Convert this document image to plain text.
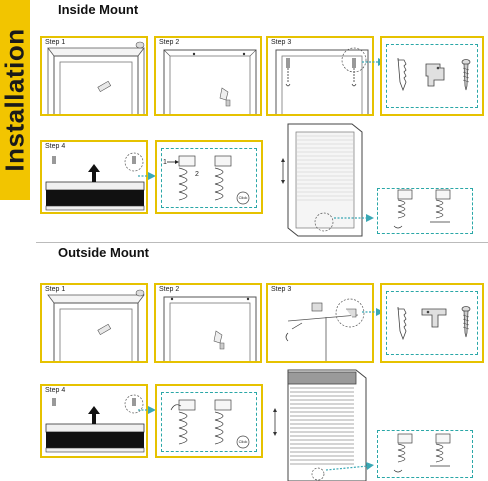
Installation
Inside Mount
Step 1	Step 2	Step 3
Step 4
1
2
Click
Outside Mount
Step 1	Step 2	Step 3
Step 4
Click
